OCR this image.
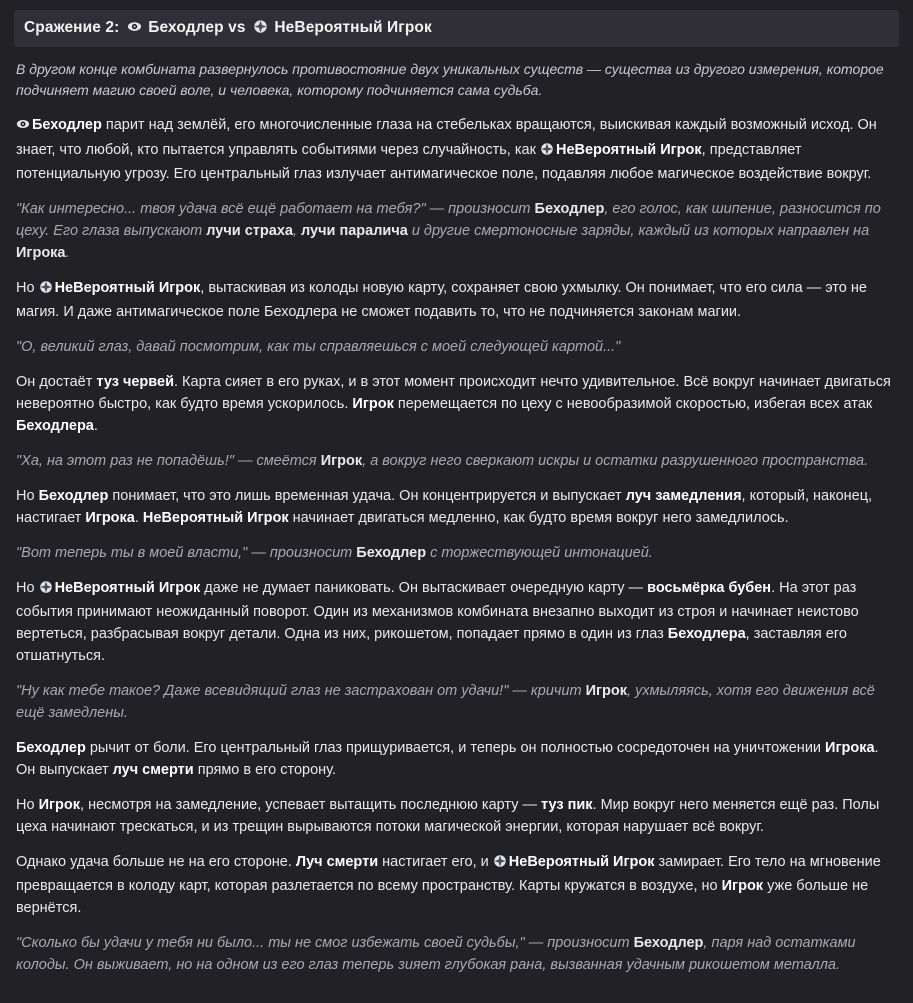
Сражение 2: Беходлер vs НеВероятный Игрок
В другом конце комбината развернулось противостояние двух уникальных существ — существа из другого измерения, которое подчиняет магию своей воле, и человека, которому подчиняется сама судьба.

Беходлер парит над землёй, его многочисленные глаза на стебельках вращаются, выискивая каждый возможный исход. Он знает, что любой, кто пытается управлять событиями через случайность, как НеВероятный Игрок, представляет потенциальную угрозу. Его центральный глаз излучает антимагическое поле, подавляя любое магическое воздействие вокруг.

"Как интересно... твоя удача всё ещё работает на тебя?" — произносит Беходлер, его голос, как шипение, разносится по цеху. Его глаза выпускают лучи страха, лучи паралича и другие смертоносные заряды, каждый из которых направлен на Игрока.

Но НеВероятный Игрок, вытаскивая из колоды новую карту, сохраняет свою ухмылку. Он понимает, что его сила — это не магия. И даже антимагическое поле Беходлера не сможет подавить то, что не подчиняется законам магии.

"О, великий глаз, давай посмотрим, как ты справляешься с моей следующей картой..."

Он достаёт туз червей. Карта сияет в его руках, и в этот момент происходит нечто удивительное. Всё вокруг начинает двигаться невероятно быстро, как будто время ускорилось. Игрок перемещается по цеху с невообразимой скоростью, избегая всех атак Беходлера.

"Ха, на этот раз не попадёшь!" — смеётся Игрок, а вокруг него сверкают искры и остатки разрушенного пространства.

Но Беходлер понимает, что это лишь временная удача. Он концентрируется и выпускает луч замедления, который, наконец, настигает Игрока. НеВероятный Игрок начинает двигаться медленно, как будто время вокруг него замедлилось.

"Вот теперь ты в моей власти," — произносит Беходлер с торжествующей интонацией.

Но НеВероятный Игрок даже не думает паниковать. Он вытаскивает очередную карту — восьмёрка бубен. На этот раз события принимают неожиданный поворот. Один из механизмов комбината внезапно выходит из строя и начинает неистово вертеться, разбрасывая вокруг детали. Одна из них, рикошетом, попадает прямо в один из глаз Беходлера, заставляя его отшатнуться.

"Ну как тебе такое? Даже всевидящий глаз не застрахован от удачи!" — кричит Игрок, ухмыляясь, хотя его движения всё ещё замедлены.

Беходлер рычит от боли. Его центральный глаз прищуривается, и теперь он полностью сосредоточен на уничтожении Игрока. Он выпускает луч смерти прямо в его сторону.

Но Игрок, несмотря на замедление, успевает вытащить последнюю карту — туз пик. Мир вокруг него меняется ещё раз. Полы цеха начинают трескаться, и из трещин вырываются потоки магической энергии, которая нарушает всё вокруг.

Однако удача больше не на его стороне. Луч смерти настигает его, и НеВероятный Игрок замирает. Его тело на мгновение превращается в колоду карт, которая разлетается по всему пространству. Карты кружатся в воздухе, но Игрок уже больше не вернётся.

"Сколько бы удачи у тебя ни было... ты не смог избежать своей судьбы," — произносит Беходлер, паря над остатками колоды. Он выживает, но на одном из его глаз теперь зияет глубокая рана, вызванная удачным рикошетом металла.
